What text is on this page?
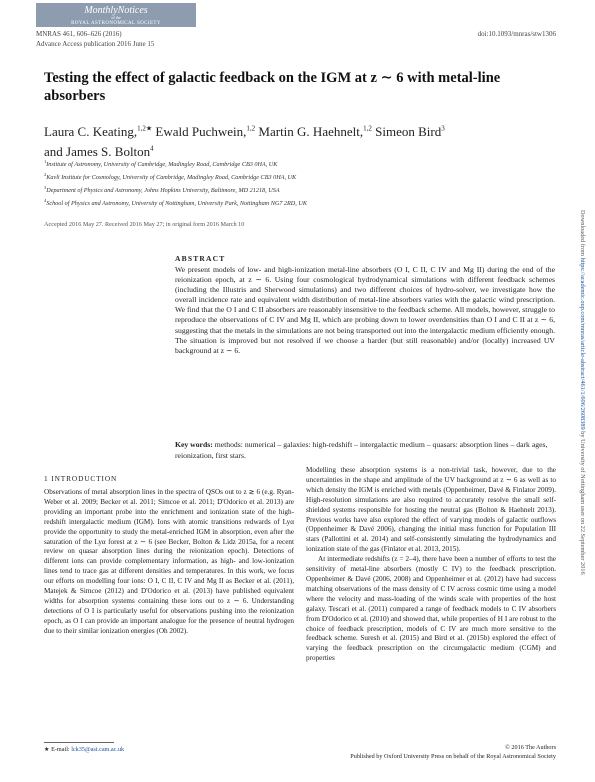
MonthlyNotices
of the
ROYAL ASTRONOMICAL SOCIETY
MNRAS 461, 606–626 (2016)
Advance Access publication 2016 June 15
doi:10.1093/mnras/stw1306
Testing the effect of galactic feedback on the IGM at z ∼ 6 with metal-line absorbers
Laura C. Keating,$^{1,2★}$ Ewald Puchwein,$^{1,2}$ Martin G. Haehnelt,$^{1,2}$ Simeon Bird$^3$
and James S. Bolton$^4$
$^1$Institute of Astronomy, University of Cambridge, Madingley Road, Cambridge CB3 0HA, UK
$^2$Kavli Institute for Cosmology, University of Cambridge, Madingley Road, Cambridge CB3 0HA, UK
$^3$Department of Physics and Astronomy, Johns Hopkins University, Baltimore, MD 21218, USA
$^4$School of Physics and Astronomy, University of Nottingham, University Park, Nottingham NG7 2RD, UK
Accepted 2016 May 27. Received 2016 May 27; in original form 2016 March 10
ABSTRACT
We present models of low- and high-ionization metal-line absorbers (O I, C II, C IV and Mg II) during the end of the reionization epoch, at z ∼ 6. Using four cosmological hydrodynamical simulations with different feedback schemes (including the Illustris and Sherwood simulations) and two different choices of hydro-solver, we investigate how the overall incidence rate and equivalent width distribution of metal-line absorbers varies with the galactic wind prescription. We find that the O I and C II absorbers are reasonably insensitive to the feedback scheme. All models, however, struggle to reproduce the observations of C IV and Mg II, which are probing down to lower overdensities than O I and C II at z ∼ 6, suggesting that the metals in the simulations are not being transported out into the intergalactic medium efficiently enough. The situation is improved but not resolved if we choose a harder (but still reasonable) and/or (locally) increased UV background at z ∼ 6.
Key words: methods: numerical – galaxies: high-redshift – intergalactic medium – quasars: absorption lines – dark ages, reionization, first stars.
1 INTRODUCTION

Observations of metal absorption lines in the spectra of QSOs out to z ≳ 6 (e.g. Ryan-Weber et al. 2009; Becker et al. 2011; Simcoe et al. 2011; D'Odorico et al. 2013) are providing an important probe into the enrichment and ionization state of the high-redshift intergalactic medium (IGM). Ions with atomic transitions redwards of Lyα provide the opportunity to study the metal-enriched IGM in absorption, even after the saturation of the Lyα forest at z ∼ 6 (see Becker, Bolton & Lidz 2015a, for a recent review on quasar absorption lines during the reionization epoch). Detections of different ions can provide complementary information, as high- and low-ionization lines tend to trace gas at different densities and temperatures. In this work, we focus our efforts on modelling four ions: O I, C II, C IV and Mg II as Becker et al. (2011), Matejek & Simcoe (2012) and D'Odorico et al. (2013) have published equivalent widths for absorption systems containing these ions out to z ∼ 6. Understanding detections of O I is particularly useful for observations pushing into the reionization epoch, as O I can provide an important analogue for the presence of neutral hydrogen due to their similar ionization energies (Oh 2002).

Modelling these absorption systems is a non-trivial task, however, due to the uncertainties in the shape and amplitude of the UV background at z ∼ 6 as well as to which density the IGM is enriched with metals (Oppenheimer, Davé & Finlator 2009). High-resolution simulations are also required to accurately resolve the small self-shielded systems responsible for hosting the neutral gas (Bolton & Haehnelt 2013). Previous works have also explored the effect of varying models of galactic outflows (Oppenheimer & Davé 2006), changing the initial mass function for Population III stars (Pallottini et al. 2014) and self-consistently simulating the hydrodynamics and ionization state of the gas (Finlator et al. 2013, 2015).

At intermediate redshifts (z = 2–4), there have been a number of efforts to test the sensitivity of metal-line absorbers (mostly C IV) to the feedback prescription. Oppenheimer & Davé (2006, 2008) and Oppenheimer et al. (2012) have had success matching observations of the mass density of C IV across cosmic time using a model where the velocity and mass-loading of the winds scale with properties of the host galaxy. Tescari et al. (2011) compared a range of feedback models to C IV absorbers from D'Odorico et al. (2010) and showed that, while properties of H I are robust to the choice of feedback prescription, models of C IV are much more sensitive to the feedback scheme. Suresh et al. (2015) and Bird et al. (2015b) explored the effect of varying the feedback prescription on the circumgalactic medium (CGM) and properties

★ E-mail: lck35@ast.cam.ac.uk	© 2016 The Authors
Published by Oxford University Press on behalf of the Royal Astronomical Society
Downloaded from https://academic.oup.com/mnras/article-abstract/461/1/606/2608389 by University of Nottingham user on 22 September 2016
